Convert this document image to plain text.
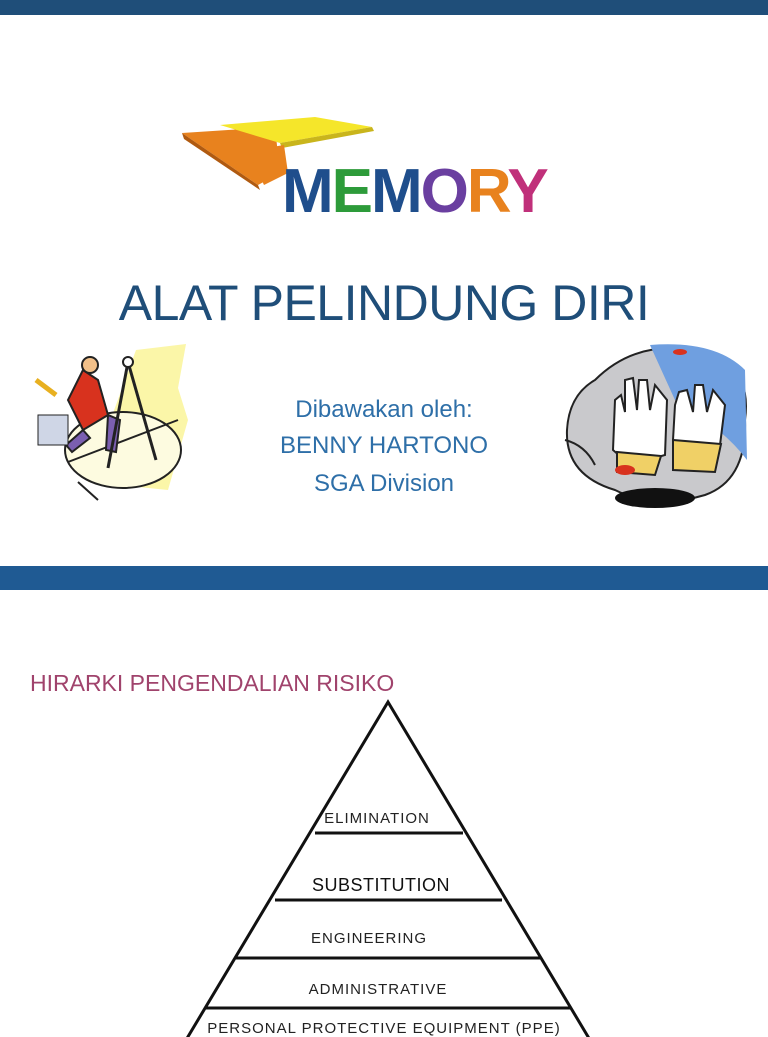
MEMORY
ALAT PELINDUNG DIRI
Dibawakan oleh:
BENNY HARTONO
SGA Division
HIRARKI PENGENDALIAN RISIKO
ELIMINATION
SUBSTITUTION
ENGINEERING
ADMINISTRATIVE
PERSONAL PROTECTIVE EQUIPMENT (PPE)
